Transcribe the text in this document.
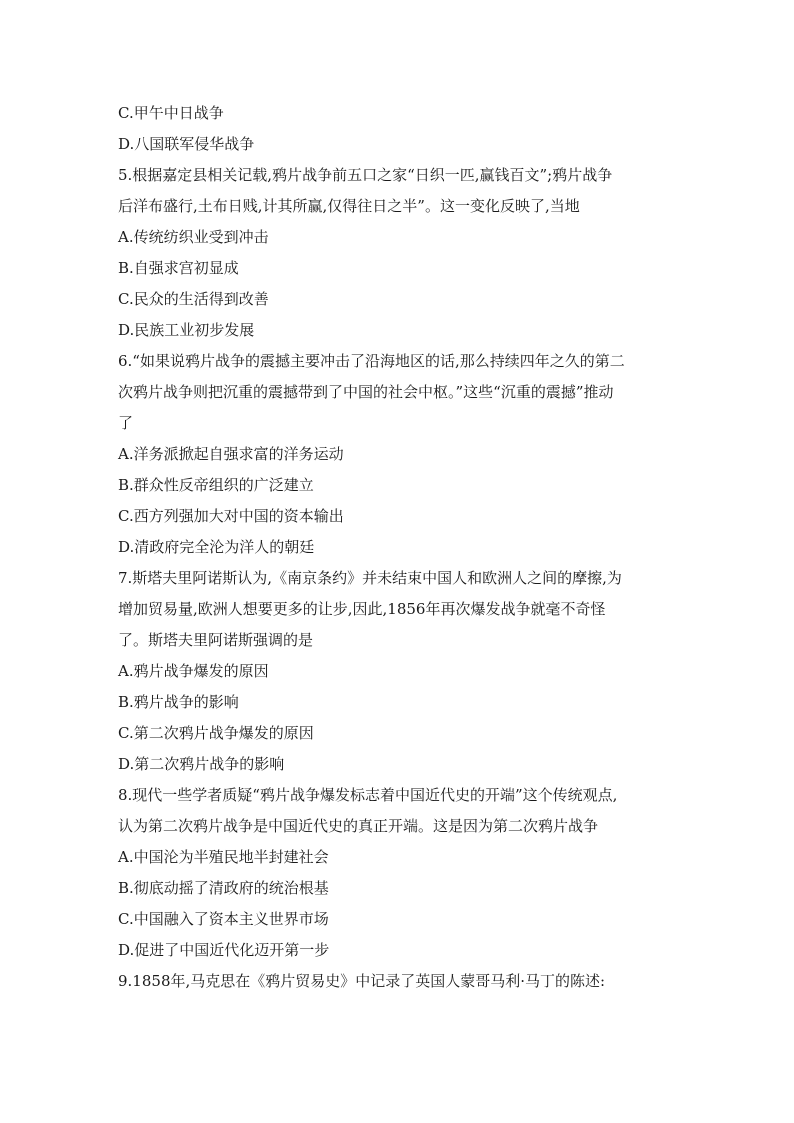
C.甲午中日战争
D.八国联军侵华战争
5.根据嘉定县相关记载,鸦片战争前五口之家“日织一匹,赢钱百文”;鸦片战争
后洋布盛行,土布日贱,计其所赢,仅得往日之半”。这一变化反映了,当地
A.传统纺织业受到冲击
B.自强求宫初显成
C.民众的生活得到改善
D.民族工业初步发展
6.“如果说鸦片战争的震撼主要冲击了沿海地区的话,那么持续四年之久的第二
次鸦片战争则把沉重的震撼带到了中国的社会中枢。”这些“沉重的震撼”推动
了
A.洋务派掀起自强求富的洋务运动
B.群众性反帝组织的广泛建立
C.西方列强加大对中国的资本输出
D.清政府完全沦为洋人的朝廷
7.斯塔夫里阿诺斯认为,《南京条约》并未结束中国人和欧洲人之间的摩擦,为
增加贸易量,欧洲人想要更多的让步,因此,1856年再次爆发战争就毫不奇怪
了。斯塔夫里阿诺斯强调的是
A.鸦片战争爆发的原因
B.鸦片战争的影响
C.第二次鸦片战争爆发的原因
D.第二次鸦片战争的影响
8.现代一些学者质疑“鸦片战争爆发标志着中国近代史的开端”这个传统观点,
认为第二次鸦片战争是中国近代史的真正开端。这是因为第二次鸦片战争
A.中国沦为半殖民地半封建社会
B.彻底动摇了清政府的统治根基
C.中国融入了资本主义世界市场
D.促进了中国近代化迈开第一步
9.1858年,马克思在《鸦片贸易史》中记录了英国人蒙哥马利·马丁的陈述:
